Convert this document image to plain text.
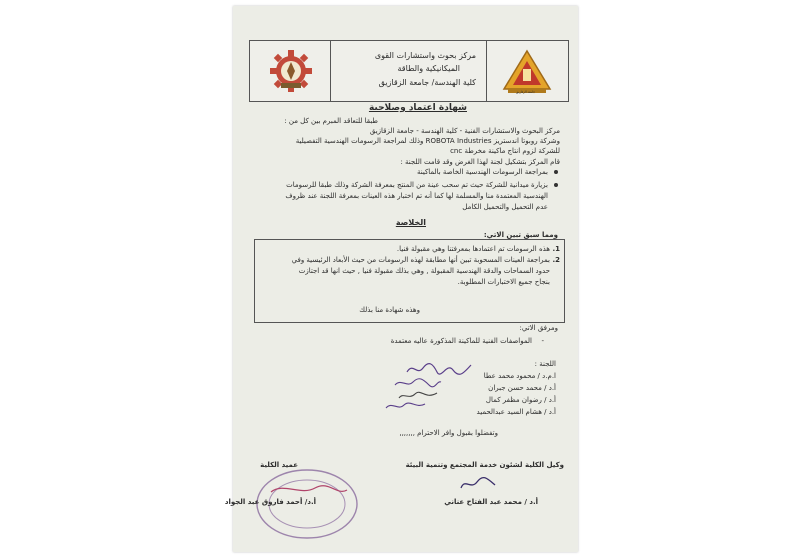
مركز بحوث واستشارات القوى
الميكانيكية والطاقة
كلية الهندسة/ جامعة الزقازيق
جامعة الزقازيق
شهادة اعتماد وصلاحية
طبقا للتعاقد المبرم بين كل من :
مركز البحوث والاستشارات الفنية - كلية الهندسة - جامعة الزقازيق
وشركة روبوتا اندستريز ROBOTA Industries وذلك لمراجعة الرسومات الهندسية التفصيلية
للشركة لزوم انتاج ماكينة مخرطة cnc
قام المركز بتشكيل لجنة لهذا الغرض وقد قامت اللجنة :
بمراجعة الرسومات الهندسية الخاصة بالماكينة
بزيارة ميدانية للشركة حيث تم سحب عينة من المنتج بمعرفة الشركة وذلك طبقا للرسومات
الهندسية المعتمدة منا والمسلمة لها كما أنه تم اختبار هذه العينات بمعرفة اللجنة عند ظروف
عدم التحميل والتحميل الكامل
الخلاصة
ومما سبق تبين الاتي:
1.
هذه الرسومات تم اعتمادها بمعرفتنا وهي مقبولة فنيا.
2.
بمراجعة العينات المسحوبة تبين أنها مطابقة لهذه الرسومات من حيث الأبعاد الرئيسية وفي
حدود السماحات والدقة الهندسية المقبولة , وهي بذلك مقبولة فنيا , حيث انها قد اجتازت
بنجاح جميع الاختبارات المطلوبة.
وهذه شهادة منا بذلك
ومرفق الاتي:
-
المواصفات الفنية للماكينة المذكورة عاليه معتمدة
اللجنة :
ا.م.د / محمود محمد عطا
أ.د / محمد حسن جبران
أ.د / رضوان مظفر كمال
أ.د / هشام السيد عبدالحميد
وتفضلوا بقبول وافر الاحترام ,,,,,,,
وكيل الكلية لشئون خدمة المجتمع وتنمية البيئة
أ.د / محمد عبد الفتاح عناني
عميد الكلية
أ.د/ أحمد فاروق عبد الجواد
